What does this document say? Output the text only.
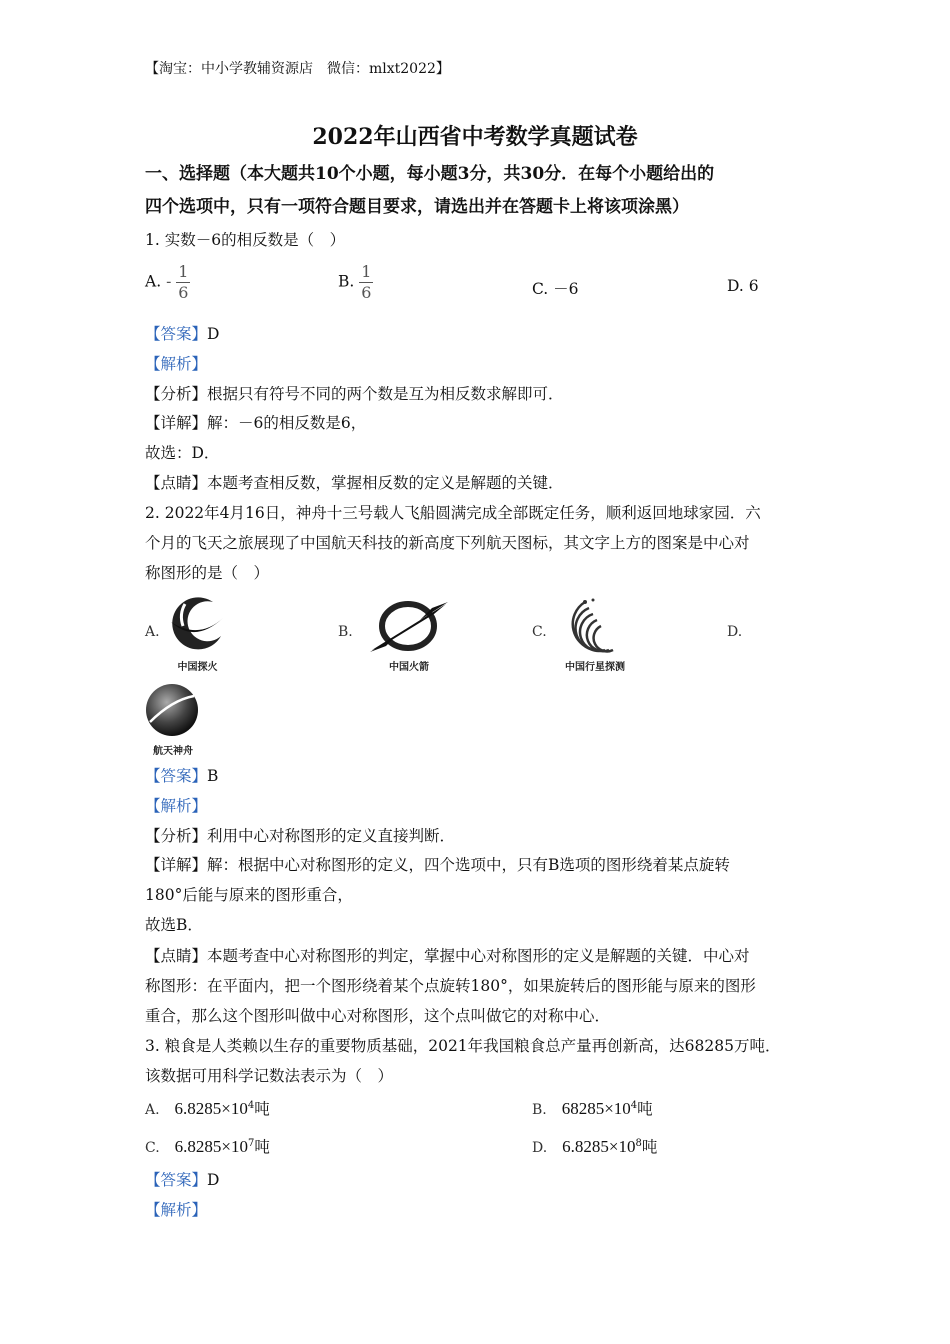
【淘宝：中小学教辅资源店　微信：mlxt2022】
2022年山西省中考数学真题试卷
一、选择题（本大题共10个小题，每小题3分，共30分．在每个小题给出的
四个选项中，只有一项符合题目要求，请选出并在答题卡上将该项涂黑）
1. 实数－6的相反数是（　）
A. - $\frac{1}{6}$	B. $\frac{1}{6}$	C. －6	D. 6
【答案】D
【解析】
【分析】根据只有符号不同的两个数是互为相反数求解即可．
【详解】解：－6的相反数是6，
故选：D．
【点睛】本题考查相反数，掌握相反数的定义是解题的关键．
2. 2022年4月16日，神舟十三号载人飞船圆满完成全部既定任务，顺利返回地球家园．六
个月的飞天之旅展现了中国航天科技的新高度下列航天图标，其文字上方的图案是中心对
称图形的是（　）
A.
中国探火
B.
中国火箭
C.
中国行星探测
D.
航天神舟
【答案】B
【解析】
【分析】利用中心对称图形的定义直接判断．
【详解】解：根据中心对称图形的定义，四个选项中，只有B选项的图形绕着某点旋转
180°后能与原来的图形重合，
故选B．
【点睛】本题考查中心对称图形的判定，掌握中心对称图形的定义是解题的关键．中心对
称图形：在平面内，把一个图形绕着某个点旋转180°，如果旋转后的图形能与原来的图形
重合，那么这个图形叫做中心对称图形，这个点叫做它的对称中心．
3. 粮食是人类赖以生存的重要物质基础，2021年我国粮食总产量再创新高，达68285万吨．
该数据可用科学记数法表示为（　）
A. $6.8285\times 10^4$吨	B. $68285\times 10^4$吨
C. $6.8285\times 10^7$吨	D. $6.8285\times 10^8$吨
【答案】D
【解析】
